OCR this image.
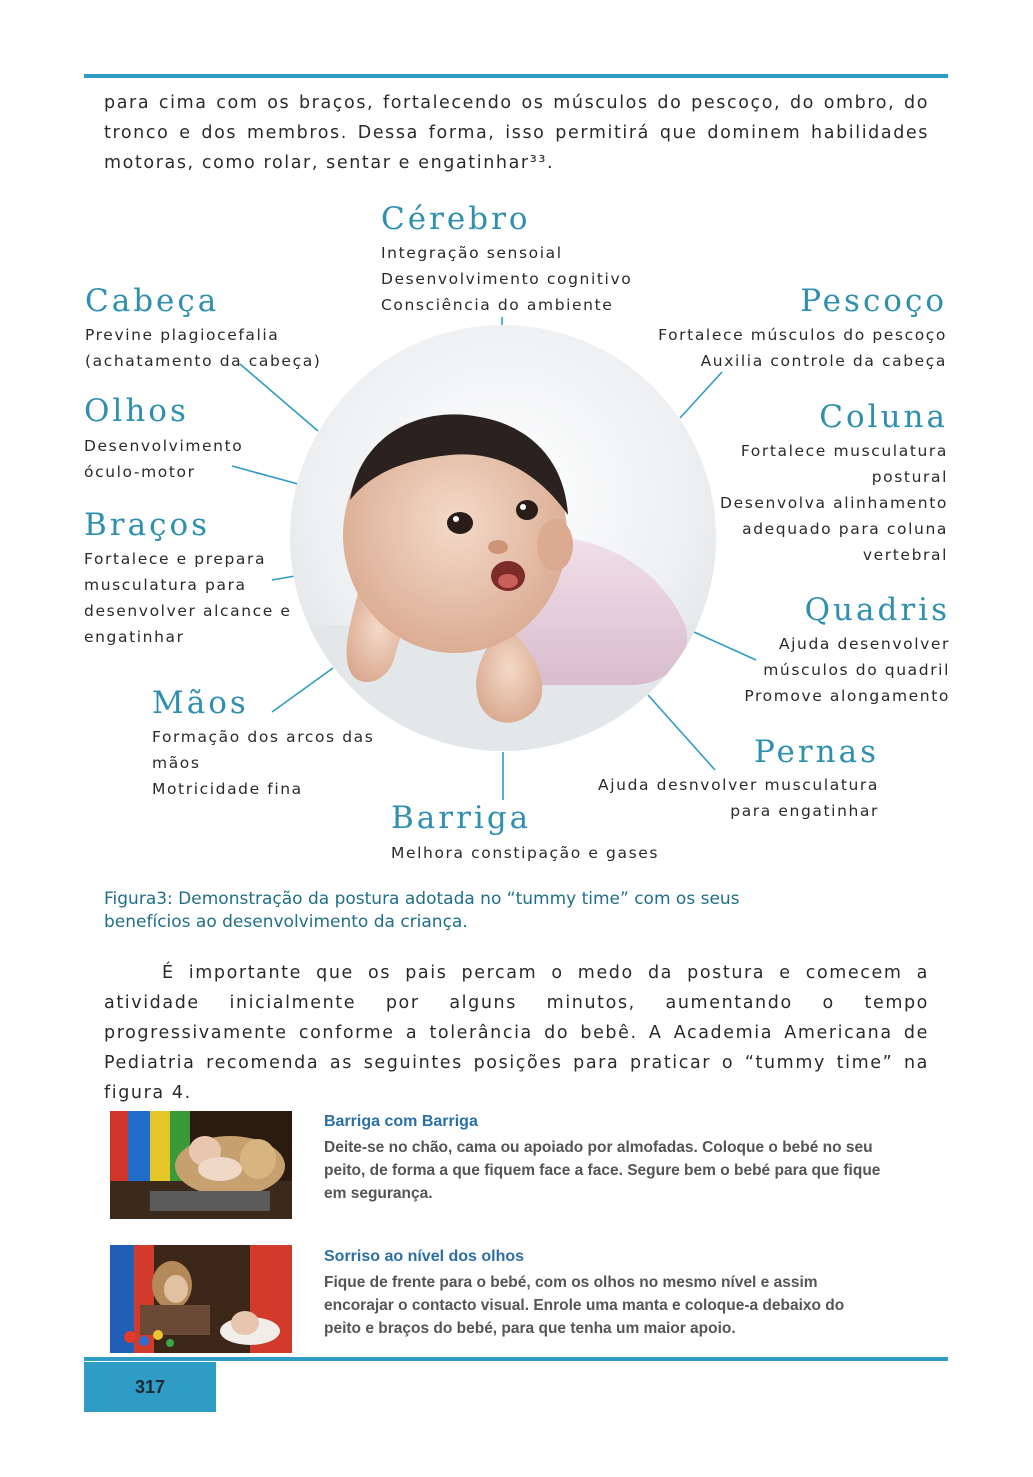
para cima com os braços, fortalecendo os músculos do pescoço, do ombro, do tronco e dos membros. Dessa forma, isso permitirá que dominem habilidades motoras, como rolar, sentar e engatinhar³³.

Cérebro
Integração sensoial
Desenvolvimento cognitivo
Consciência do ambiente
Cabeça
Previne plagiocefalia
(achatamento da cabeça)
Pescoço
Fortalece músculos do pescoço
Auxilia controle da cabeça
Olhos
Desenvolvimento
óculo-motor
Coluna
Fortalece musculatura
postural
Desenvolva alinhamento
adequado para coluna
vertebral
Braços
Fortalece e prepara
musculatura para
desenvolver alcance e
engatinhar
Quadris
Ajuda desenvolver
músculos do quadril
Promove alongamento
Mãos
Formação dos arcos das
mãos
Motricidade fina
Pernas
Ajuda desnvolver musculatura
para engatinhar
Barriga
Melhora constipação e gases
Figura3: Demonstração da postura adotada no “tummy time” com os seus
benefícios ao desenvolvimento da criança.

É importante que os pais percam o medo da postura e comecem a atividade inicialmente por alguns minutos, aumentando o tempo progressivamente conforme a tolerância do bebê. A Academia Americana de Pediatria recomenda as seguintes posições para praticar o “tummy time” na figura 4.

Barriga com Barriga
Deite-se no chão, cama ou apoiado por almofadas. Coloque o bebé no seu
peito, de forma a que fiquem face a face. Segure bem o bebé para que fique
em segurança.
Sorriso ao nível dos olhos
Fique de frente para o bebé, com os olhos no mesmo nível e assim
encorajar o contacto visual. Enrole uma manta e coloque-a debaixo do
peito e braços do bebé, para que tenha um maior apoio.
317
